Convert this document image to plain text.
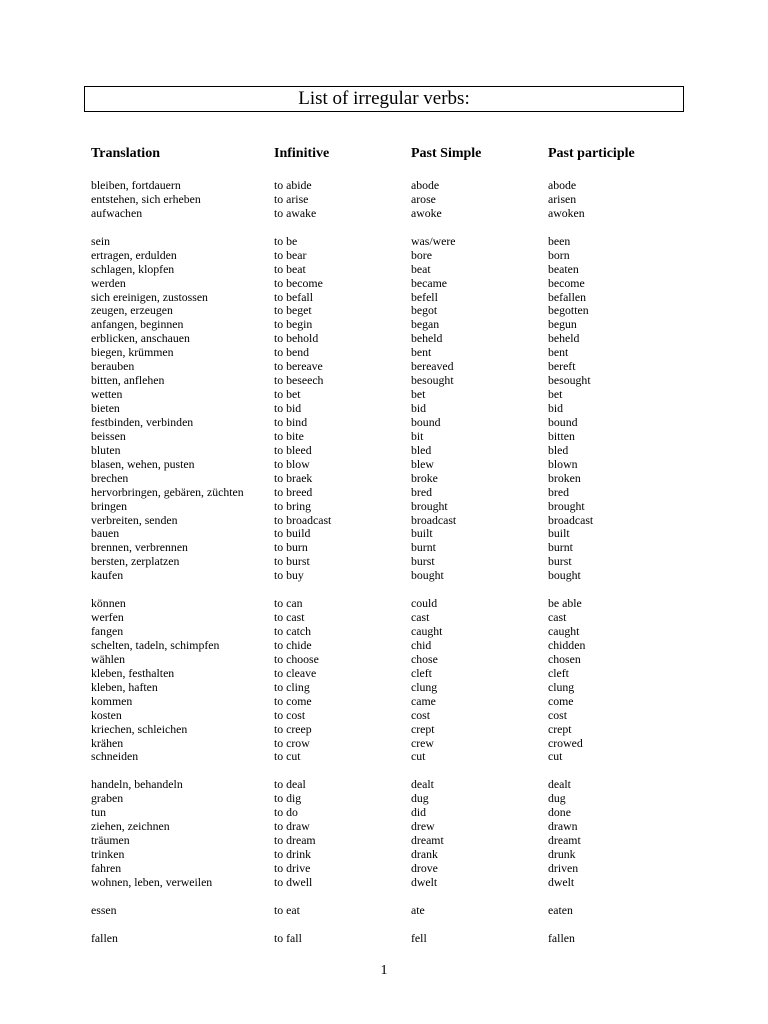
List of irregular verbs:
Translation	Infinitive	Past Simple	Past participle
bleiben, fortdauern	to abide	abode	abode
entstehen, sich erheben	to arise	arose	arisen
aufwachen	to awake	awoke	awoken
sein	to be	was/were	been
ertragen, erdulden	to bear	bore	born
schlagen, klopfen	to beat	beat	beaten
werden	to become	became	become
sich ereinigen, zustossen	to befall	befell	befallen
zeugen, erzeugen	to beget	begot	begotten
anfangen, beginnen	to begin	began	begun
erblicken, anschauen	to behold	beheld	beheld
biegen, krümmen	to bend	bent	bent
berauben	to bereave	bereaved	bereft
bitten, anflehen	to beseech	besought	besought
wetten	to bet	bet	bet
bieten	to bid	bid	bid
festbinden, verbinden	to bind	bound	bound
beissen	to bite	bit	bitten
bluten	to bleed	bled	bled
blasen, wehen, pusten	to blow	blew	blown
brechen	to braek	broke	broken
hervorbringen, gebären, züchten	to breed	bred	bred
bringen	to bring	brought	brought
verbreiten, senden	to broadcast	broadcast	broadcast
bauen	to build	built	built
brennen, verbrennen	to burn	burnt	burnt
bersten, zerplatzen	to burst	burst	burst
kaufen	to buy	bought	bought
können	to can	could	be able
werfen	to cast	cast	cast
fangen	to catch	caught	caught
schelten, tadeln, schimpfen	to chide	chid	chidden
wählen	to choose	chose	chosen
kleben, festhalten	to cleave	cleft	cleft
kleben, haften	to cling	clung	clung
kommen	to come	came	come
kosten	to cost	cost	cost
kriechen, schleichen	to creep	crept	crept
krähen	to crow	crew	crowed
schneiden	to cut	cut	cut
handeln, behandeln	to deal	dealt	dealt
graben	to dig	dug	dug
tun	to do	did	done
ziehen, zeichnen	to draw	drew	drawn
träumen	to dream	dreamt	dreamt
trinken	to drink	drank	drunk
fahren	to drive	drove	driven
wohnen, leben, verweilen	to dwell	dwelt	dwelt
essen	to eat	ate	eaten
fallen	to fall	fell	fallen
1
